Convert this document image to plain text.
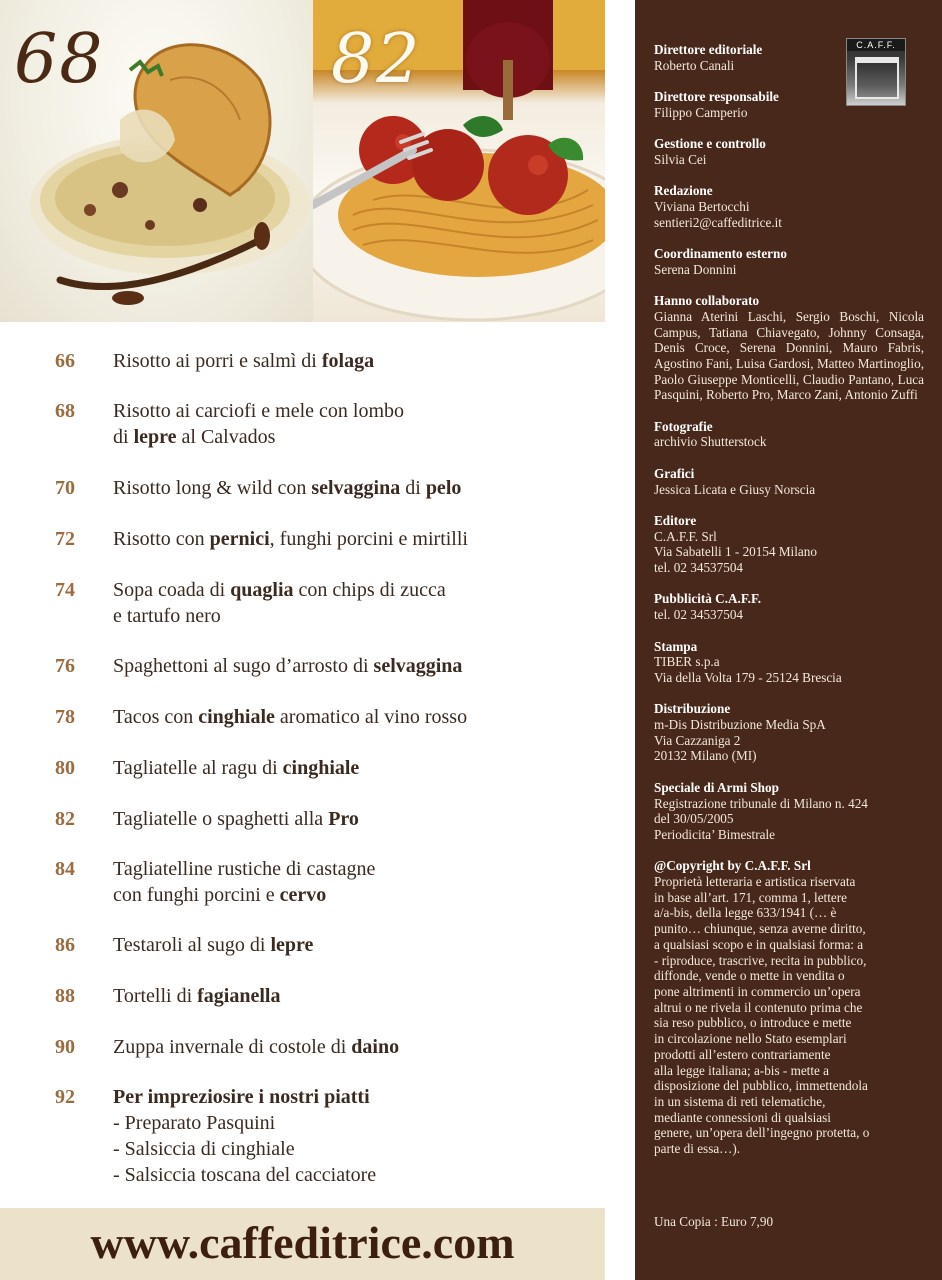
68	82
66	Risotto ai porri e salmì di folaga
68	Risotto ai carciofi e mele con lombo
di lepre al Calvados
70	Risotto long & wild con selvaggina di pelo
72	Risotto con pernici, funghi porcini e mirtilli
74	Sopa coada di quaglia con chips di zucca
e tartufo nero
76	Spaghettoni al sugo d’arrosto di selvaggina
78	Tacos con cinghiale aromatico al vino rosso
80	Tagliatelle al ragu di cinghiale
82	Tagliatelle o spaghetti alla Pro
84	Tagliatelline rustiche di castagne
con funghi porcini e cervo
86	Testaroli al sugo di lepre
88	Tortelli di fagianella
90	Zuppa invernale di costole di daino
92	Per impreziosire i nostri piatti
- Preparato Pasquini
- Salsiccia di cinghiale
- Salsiccia toscana del cacciatore
www.caffeditrice.com
C.A.F.F.
Direttore editoriale

Roberto Canali

Direttore responsabile

Filippo Camperio

Gestione e controllo

Silvia Cei

Redazione

Viviana Bertocchi

sentieri2@caffeditrice.it

Coordinamento esterno

Serena Donnini

Hanno collaborato

Gianna Aterini Laschi, Sergio Boschi, Nicola Campus, Tatiana Chiavegato, Johnny Consaga, Denis Croce, Serena Donnini, Mauro Fabris, Agostino Fani, Luisa Gardosi, Matteo Martinoglio, Paolo Giuseppe Monticelli, Claudio Pantano, Luca Pasquini, Roberto Pro, Marco Zani, Antonio Zuffi

Fotografie

archivio Shutterstock

Grafici

Jessica Licata e Giusy Norscia

Editore

C.A.F.F. Srl

Via Sabatelli 1 - 20154 Milano

tel. 02 34537504

Pubblicità C.A.F.F.

tel. 02 34537504

Stampa

TIBER s.p.a

Via della Volta 179 - 25124 Brescia

Distribuzione

m-Dis Distribuzione Media SpA

Via Cazzaniga 2

20132 Milano (MI)

Speciale di Armi Shop

Registrazione tribunale di Milano n. 424

del 30/05/2005

Periodicita’ Bimestrale

@Copyright by C.A.F.F. Srl

Proprietà letteraria e artistica riservata

in base all’art. 171, comma 1, lettere

a/a-bis, della legge 633/1941 (… è

punito… chiunque, senza averne diritto,

a qualsiasi scopo e in qualsiasi forma: a

- riproduce, trascrive, recita in pubblico,

diffonde, vende o mette in vendita o

pone altrimenti in commercio un’opera

altrui o ne rivela il contenuto prima che

sia reso pubblico, o introduce e mette

in circolazione nello Stato esemplari

prodotti all’estero contrariamente

alla legge italiana; a-bis - mette a

disposizione del pubblico, immettendola

in un sistema di reti telematiche,

mediante connessioni di qualsiasi

genere, un’opera dell’ingegno protetta, o

parte di essa…).

Una Copia : Euro 7,90
